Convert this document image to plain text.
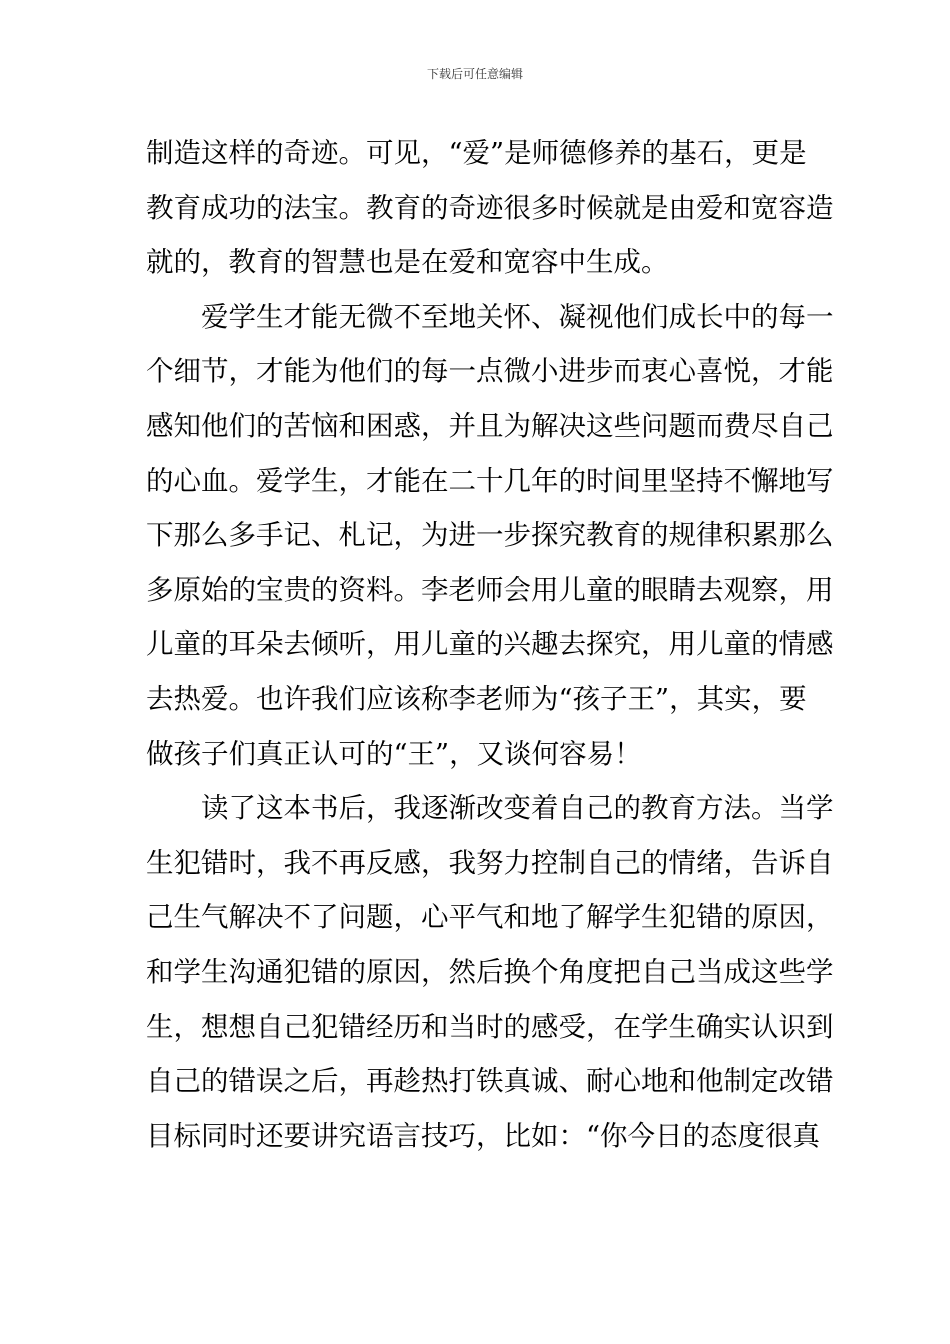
下载后可任意编辑
制造这样的奇迹。可见，“爱”是师德修养的基石，更是
教育成功的法宝。教育的奇迹很多时候就是由爱和宽容造
就的，教育的智慧也是在爱和宽容中生成。
爱学生才能无微不至地关怀、凝视他们成长中的每一
个细节，才能为他们的每一点微小进步而衷心喜悦，才能
感知他们的苦恼和困惑，并且为解决这些问题而费尽自己
的心血。爱学生，才能在二十几年的时间里坚持不懈地写
下那么多手记、札记，为进一步探究教育的规律积累那么
多原始的宝贵的资料。李老师会用儿童的眼睛去观察，用
儿童的耳朵去倾听，用儿童的兴趣去探究，用儿童的情感
去热爱。也许我们应该称李老师为“孩子王”，其实，要
做孩子们真正认可的“王”，又谈何容易！
读了这本书后，我逐渐改变着自己的教育方法。当学
生犯错时，我不再反感，我努力控制自己的情绪，告诉自
己生气解决不了问题，心平气和地了解学生犯错的原因，
和学生沟通犯错的原因，然后换个角度把自己当成这些学
生，想想自己犯错经历和当时的感受，在学生确实认识到
自己的错误之后，再趁热打铁真诚、耐心地和他制定改错
目标同时还要讲究语言技巧，比如：“你今日的态度很真
